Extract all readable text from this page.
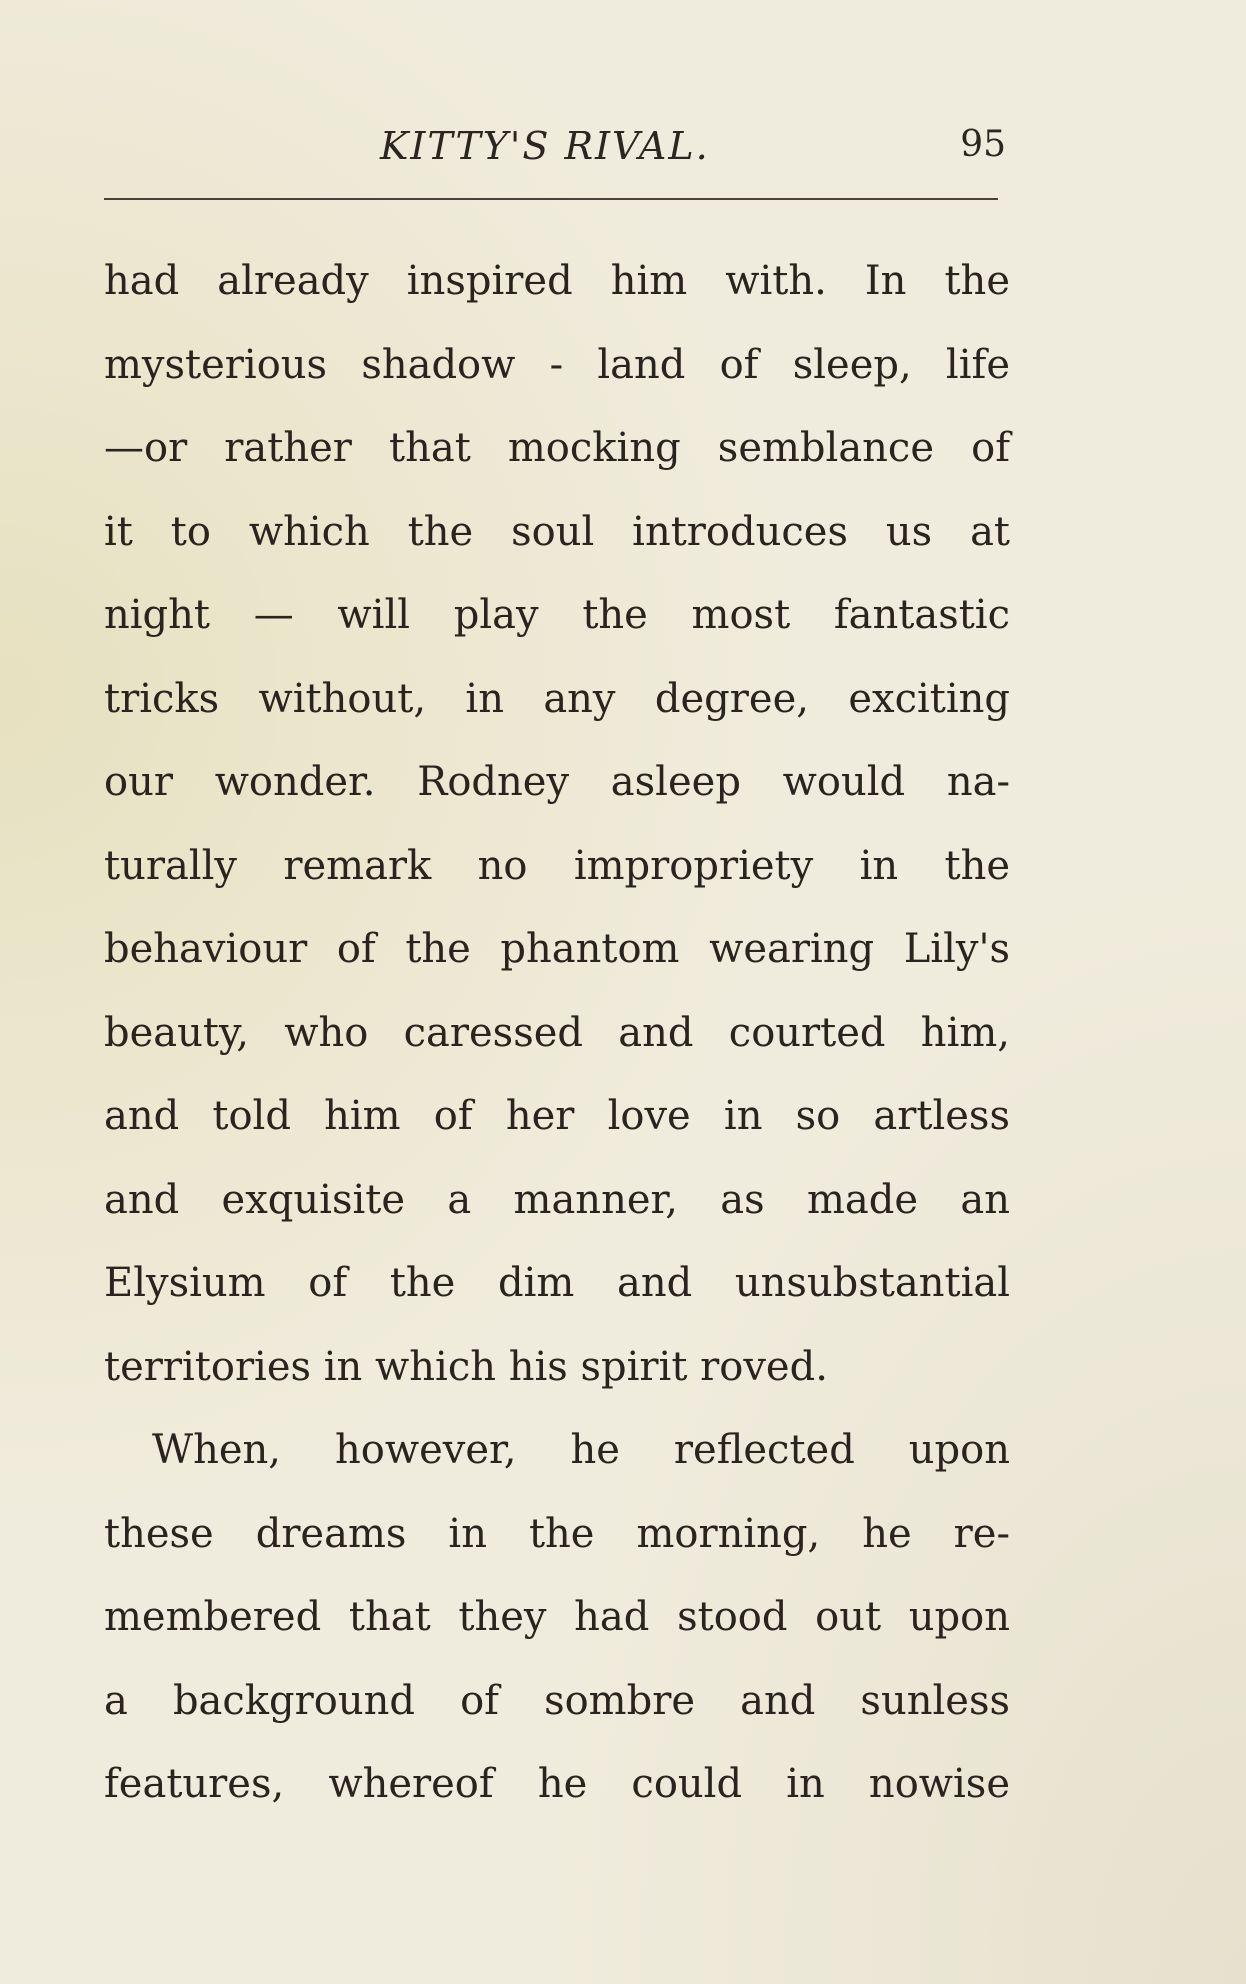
KITTY'S RIVAL.	95
had already inspired him with. In the
mysterious shadow - land of sleep, life
—or rather that mocking semblance of
it to which the soul introduces us at
night — will play the most fantastic
tricks without, in any degree, exciting
our wonder. Rodney asleep would na-
turally remark no impropriety in the
behaviour of the phantom wearing Lily's
beauty, who caressed and courted him,
and told him of her love in so artless
and exquisite a manner, as made an
Elysium of the dim and unsubstantial
territories in which his spirit roved.
When, however, he reflected upon
these dreams in the morning, he re-
membered that they had stood out upon
a background of sombre and sunless
features, whereof he could in nowise
